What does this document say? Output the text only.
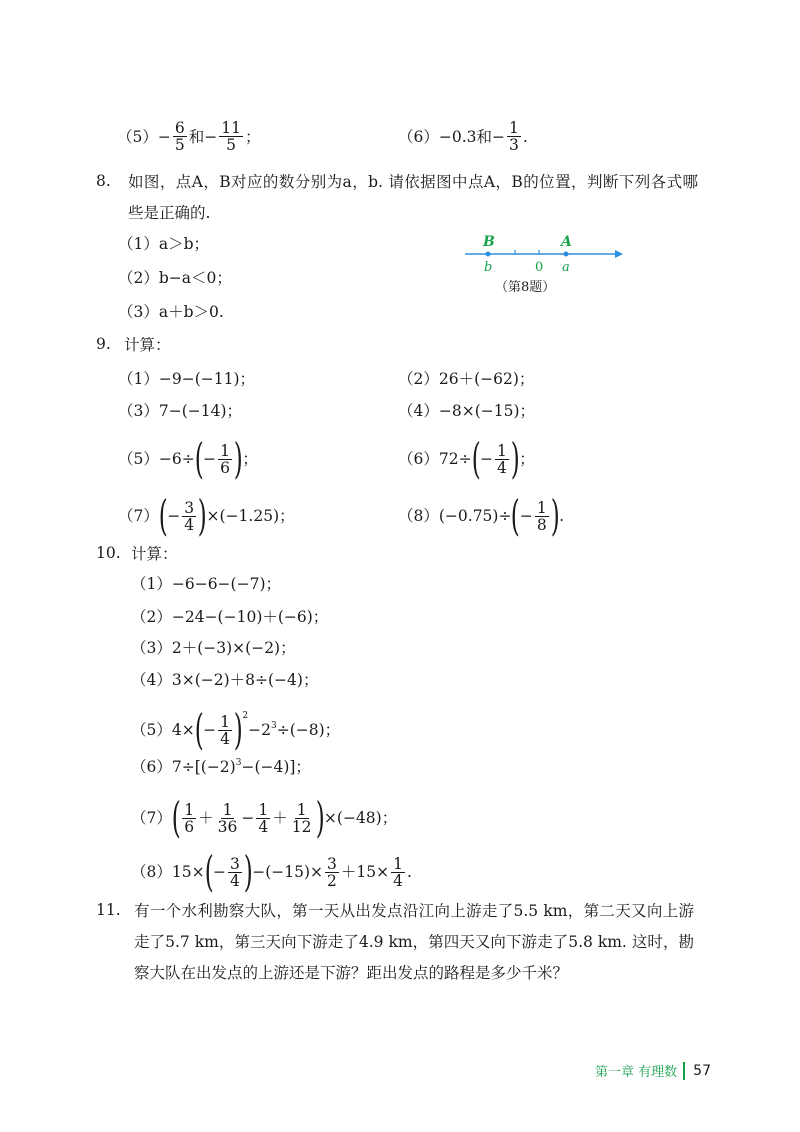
$(5) - \frac{6}{5}$ 和− $\frac{11}{5}$ ；	（6） −0.3和− $\frac{1}{3}$ .
8. 如图，点A，B对应的数分别为a，b. 请依据图中点A，B的位置，判断下列各式哪些是正确的.
（1）a＞b；
（2）b−a＜0；
（3）a＋b＞0.
B	A
b	0 a
（第8题）
9. 计算：
（1）−9−(−11)；	（2）26＋(−62)；
（3）7−(−14)；	（4）−8×(−15)；
（5） −6÷ ( − $\frac{1}{6}$ ) ；	（6） 72÷ ( − $\frac{1}{4}$ ) ；
（7） ( − $\frac{3}{4}$ ) ×(−1.25)；	（8） (−0.75)÷ ( − $\frac{1}{8}$ ) .
10. 计算：
（1）−6−6−(−7)；
（2）−24−(−10)＋(−6)；
（3）2＋(−3)×(−2)；
（4）3×(−2)＋8÷(−4)；
（5） 4× ( − $\frac{1}{4} )^2$
$-2^3 \div(-8)$；
（6） $7\div[(-2)^3 -(-4)]$；
（7） ( $\frac{1}{6} + \frac{1}{36} - \frac{1}{4} + \frac{1}{12}$ ) ×(−48)；
（8） 15× ( − $\frac{3}{4}$ ) $-(-15)\times \frac{3}{2} +15\times \frac{1}{4}$ .
11. 有一个水利勘察大队，第一天从出发点沿江向上游走了5.5 km，第二天又向上游走了5.7 km，第三天向下游走了4.9 km，第四天又向下游走了5.8 km. 这时，勘察大队在出发点的上游还是下游？距出发点的路程是多少千米？
第一章 有理数 57
